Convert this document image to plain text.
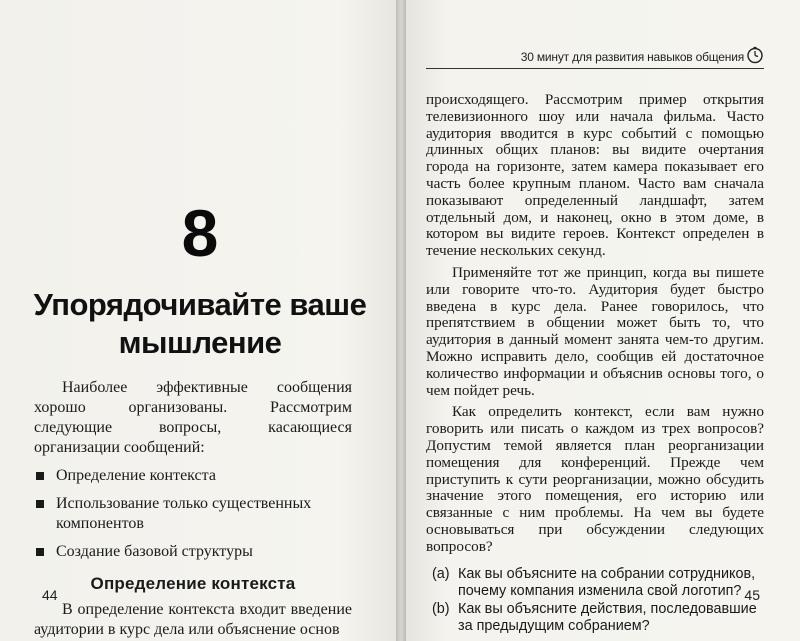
8
Упорядочивайте ваше
мышление

Наиболее эффективные сообщения хорошо организованы. Рассмотрим следующие вопросы, касающиеся организации сообщений:

Определение контекста
Использование только существенных компонентов
Создание базовой структуры
Определение контекста

В определение контекста входит введение аудитории в курс дела или объяснение основ

44	45
30 минут для развития навыков общения

происходящего. Рассмотрим пример открытия телевизионного шоу или начала фильма. Часто аудитория вводится в курс событий с помощью длинных общих планов: вы видите очертания города на горизонте, затем камера показывает его часть более крупным планом. Часто вам сначала показывают определенный ландшафт, затем отдельный дом, и наконец, окно в этом доме, в котором вы видите героев. Контекст определен в течение нескольких секунд.

Применяйте тот же принцип, когда вы пишете или говорите что-то. Аудитория будет быстро введена в курс дела. Ранее говорилось, что препятствием в общении может быть то, что аудитория в данный момент занята чем-то другим. Можно исправить дело, сообщив ей достаточное количество информации и объяснив основы того, о чем пойдет речь.

Как определить контекст, если вам нужно говорить или писать о каждом из трех вопросов? Допустим темой является план реорганизации помещения для конференций. Прежде чем приступить к сути реорганизации, можно обсудить значение этого помещения, его историю или связанные с ним проблемы. На чем вы будете основываться при обсуждении следующих вопросов?

(a) Как вы объясните на собрании сотрудников, почему компания изменила свой логотип?
(b) Как вы объясните действия, последовавшие за предыдущим собранием?
